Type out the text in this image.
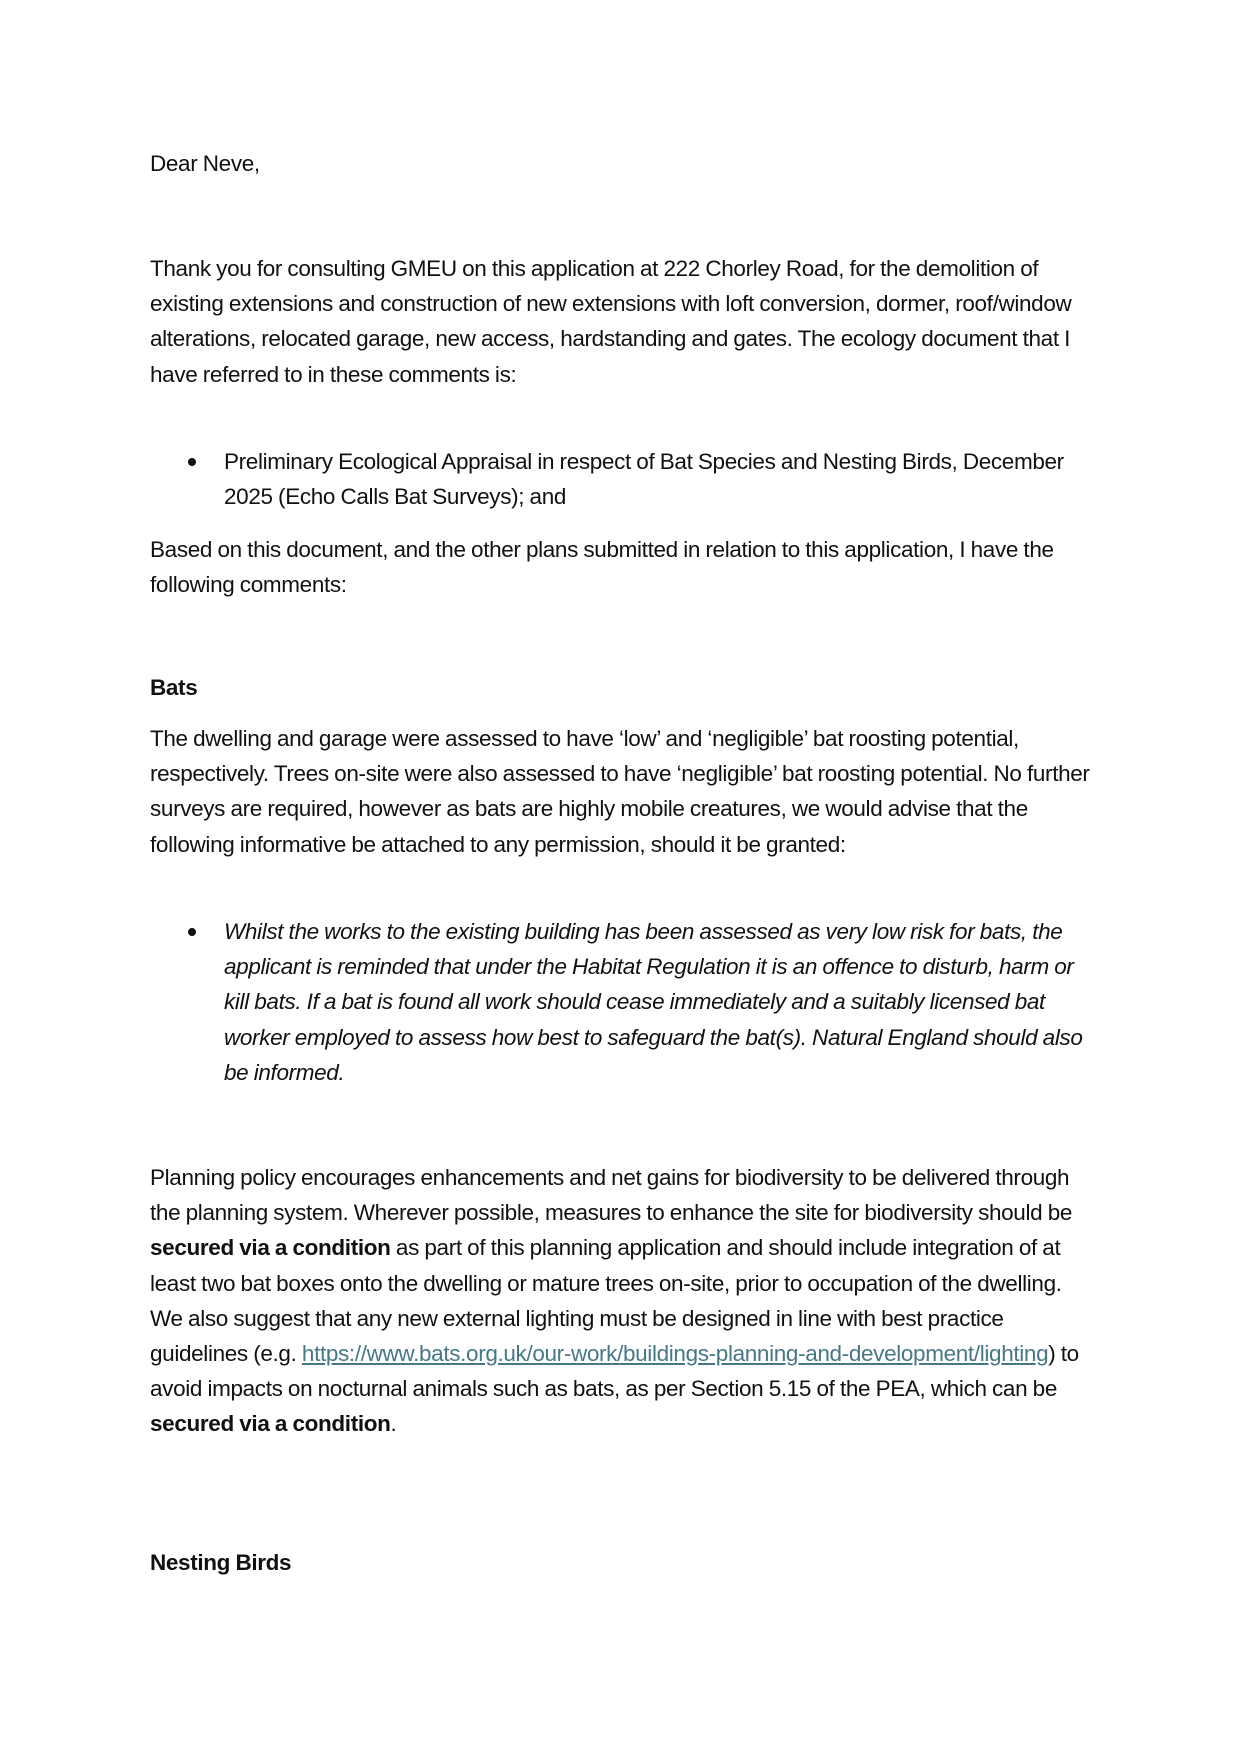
Dear Neve,
Thank you for consulting GMEU on this application at 222 Chorley Road, for the demolition of existing extensions and construction of new extensions with loft conversion, dormer, roof/window alterations, relocated garage, new access, hardstanding and gates. The ecology document that I have referred to in these comments is:
Preliminary Ecological Appraisal in respect of Bat Species and Nesting Birds, December 2025 (Echo Calls Bat Surveys); and
Based on this document, and the other plans submitted in relation to this application, I have the following comments:
Bats
The dwelling and garage were assessed to have ‘low’ and ‘negligible’ bat roosting potential, respectively. Trees on-site were also assessed to have ‘negligible’ bat roosting potential. No further surveys are required, however as bats are highly mobile creatures, we would advise that the following informative be attached to any permission, should it be granted:
Whilst the works to the existing building has been assessed as very low risk for bats, the applicant is reminded that under the Habitat Regulation it is an offence to disturb, harm or kill bats. If a bat is found all work should cease immediately and a suitably licensed bat worker employed to assess how best to safeguard the bat(s). Natural England should also be informed.
Planning policy encourages enhancements and net gains for biodiversity to be delivered through the planning system. Wherever possible, measures to enhance the site for biodiversity should be secured via a condition as part of this planning application and should include integration of at least two bat boxes onto the dwelling or mature trees on-site, prior to occupation of the dwelling. We also suggest that any new external lighting must be designed in line with best practice guidelines (e.g. https://www.bats.org.uk/our-work/buildings-planning-and-development/lighting) to avoid impacts on nocturnal animals such as bats, as per Section 5.15 of the PEA, which can be secured via a condition.
Nesting Birds
